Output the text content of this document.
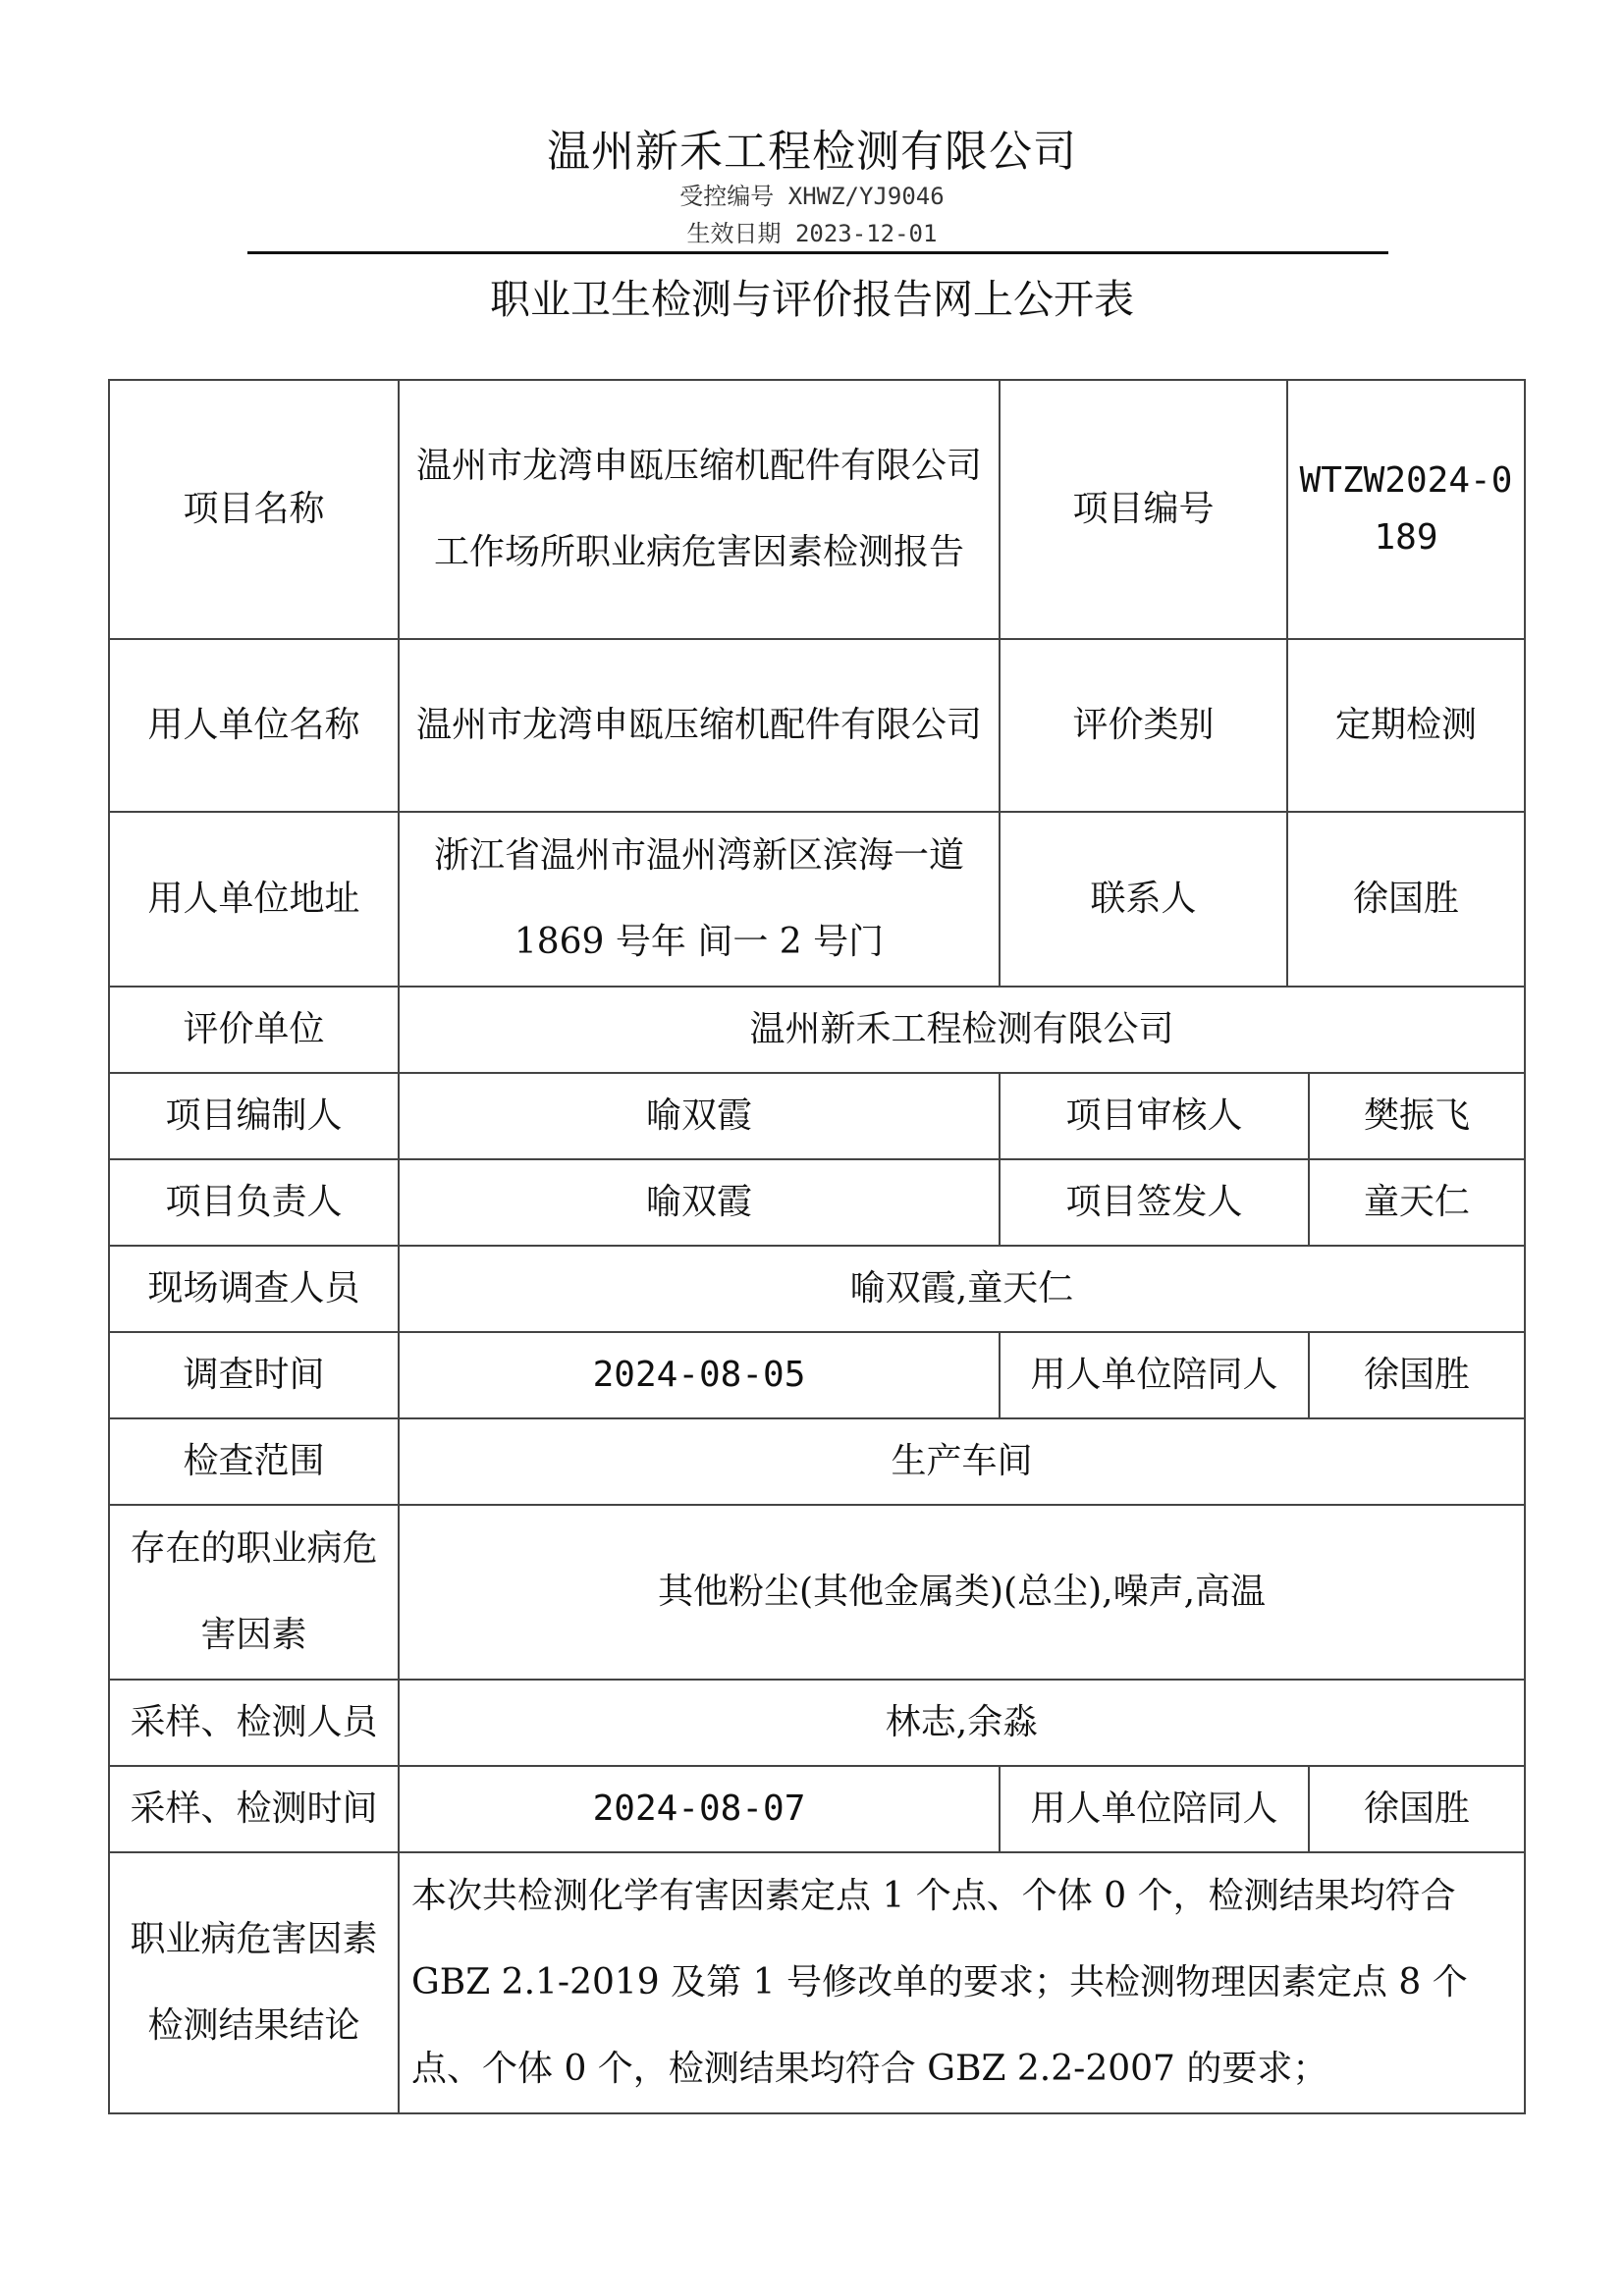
温州新禾工程检测有限公司
受控编号 XHWZ/YJ9046
生效日期 2023-12-01
职业卫生检测与评价报告网上公开表
项目名称	温州市龙湾申瓯压缩机配件有限公司工作场所职业病危害因素检测报告	项目编号	WTZW2024-0189	
用人单位名称	温州市龙湾申瓯压缩机配件有限公司	评价类别	定期检测	
用人单位地址	浙江省温州市温州湾新区滨海一道 1869 号年 间一 2 号门	联系人	徐国胜	
评价单位	温州新禾工程检测有限公司			
项目编制人	喻双霞	项目审核人		樊振飞
项目负责人	喻双霞	项目签发人		童天仁
现场调查人员	喻双霞,童天仁			
调查时间	2024-08-05	用人单位陪同人		徐国胜
检查范围	生产车间			
存在的职业病危害因素	其他粉尘(其他金属类)(总尘),噪声,高温			
采样、检测人员	林志,余淼			
采样、检测时间	2024-08-07	用人单位陪同人		徐国胜
职业病危害因素检测结果结论	本次共检测化学有害因素定点 1 个点、个体 0 个，检测结果均符合 GBZ 2.1-2019 及第 1 号修改单的要求；共检测物理因素定点 8 个点、个体 0 个，检测结果均符合 GBZ 2.2-2007 的要求；			
